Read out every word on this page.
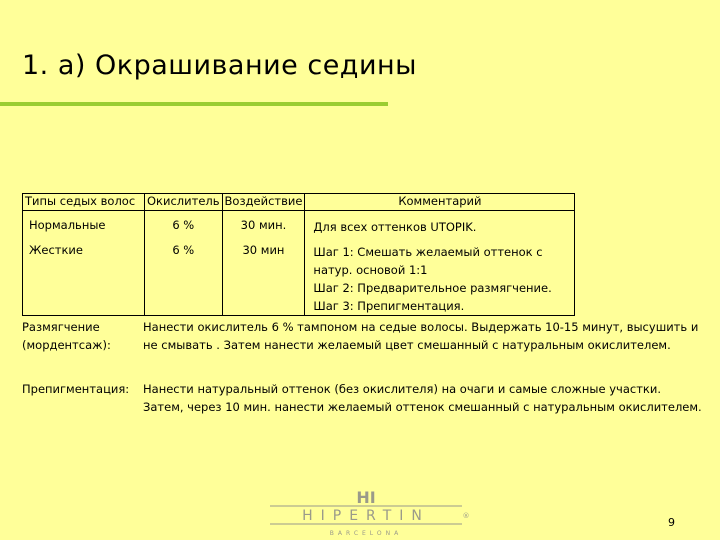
1. а) Окрашивание седины
Типы седых волос	Окислитель	Воздействие	Комментарий
Нормальные	6 %	30 мин.	Для всех оттенков UTOPIK.

Жесткие	6 %	30 мин	Шаг 1: Смешать желаемый оттенок с натур. основой 1:1
Шаг 2: Предварительное размягчение.
Шаг 3: Препигментация.
Размягчение
(мордентсаж):
Нанести окислитель 6 % тампоном на седые волосы. Выдержать 10-15 минут, высушить и
не смывать . Затем нанести желаемый цвет смешанный с натуральным окислителем.
Препигментация: Нанести натуральный оттенок (без окислителя) на очаги и самые сложные участки.
Затем, через 10 мин. нанести желаемый оттенок смешанный с натуральным окислителем.
HI
HIPERTIN	®
BARCELONA
9
